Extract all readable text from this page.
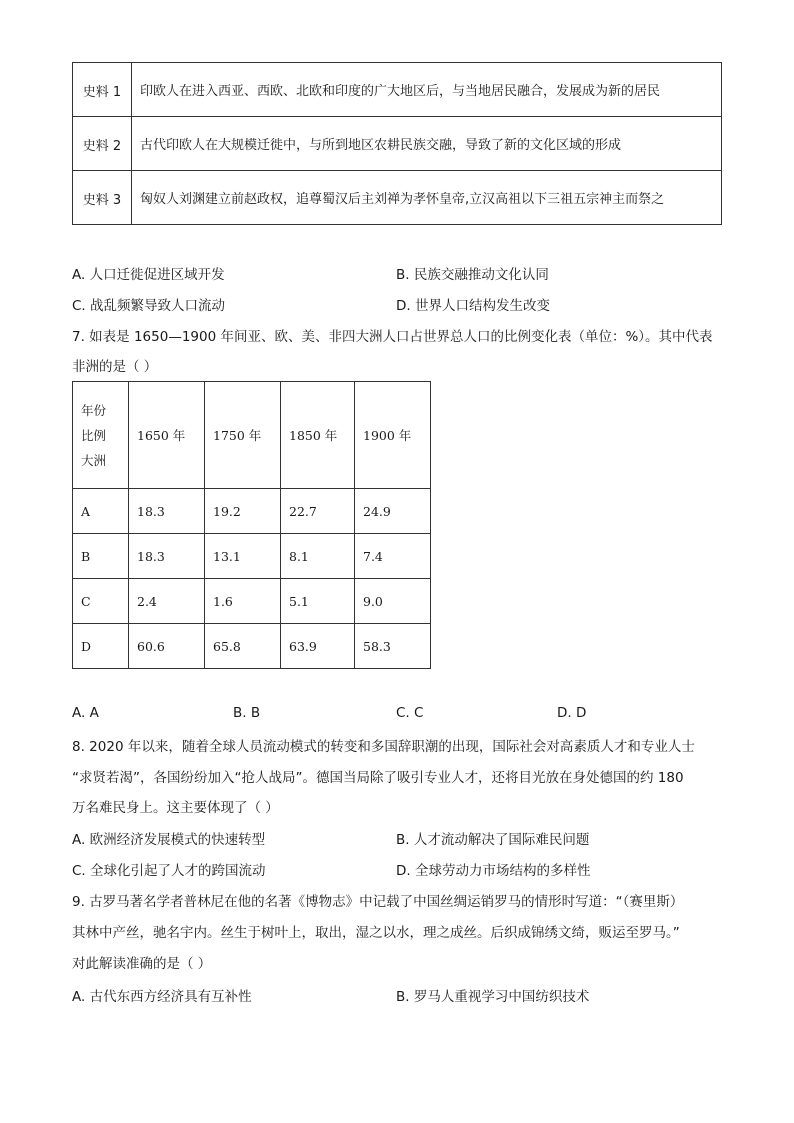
史料 1	印欧人在进入西亚、西欧、北欧和印度的广大地区后，与当地居民融合，发展成为新的居民
史料 2	古代印欧人在大规模迁徙中，与所到地区农耕民族交融，导致了新的文化区域的形成
史料 3	匈奴人刘渊建立前赵政权，追尊蜀汉后主刘禅为孝怀皇帝,立汉高祖以下三祖五宗神主而祭之
A. 人口迁徙促进区域开发	B. 民族交融推动文化认同
C. 战乱频繁导致人口流动	D. 世界人口结构发生改变
7. 如表是 1650—1900 年间亚、欧、美、非四大洲人口占世界总人口的比例变化表（单位：%）。其中代表
非洲的是（ ）
年份
比例
大洲	1650 年	1750 年	1850 年	1900 年
A	18.3	19.2	22.7	24.9
B	18.3	13.1	8.1	7.4
C	2.4	1.6	5.1	9.0
D	60.6	65.8	63.9	58.3
A. A	B. B	C. C	D. D
8. 2020 年以来，随着全球人员流动模式的转变和多国辞职潮的出现，国际社会对高素质人才和专业人士
“求贤若渴”，各国纷纷加入“抢人战局”。德国当局除了吸引专业人才，还将目光放在身处德国的约 180
万名难民身上。这主要体现了（ ）
A. 欧洲经济发展模式的快速转型	B. 人才流动解决了国际难民问题
C. 全球化引起了人才的跨国流动	D. 全球劳动力市场结构的多样性
9. 古罗马著名学者普林尼在他的名著《博物志》中记载了中国丝绸运销罗马的情形时写道：“（赛里斯）
其林中产丝，驰名宇内。丝生于树叶上，取出，湿之以水，理之成丝。后织成锦绣文绮，贩运至罗马。”
对此解读准确的是（ ）
A. 古代东西方经济具有互补性	B. 罗马人重视学习中国纺织技术
